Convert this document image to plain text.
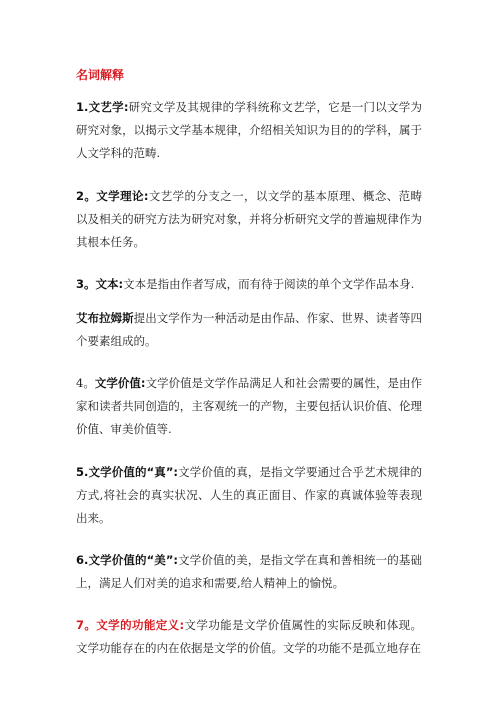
名词解释

1.文艺学:研究文学及其规律的学科统称文艺学，它是一门以文学为研究对象，以揭示文学基本规律，介绍相关知识为目的的学科，属于人文学科的范畴.

2。文学理论:文艺学的分支之一，以文学的基本原理、概念、范畴以及相关的研究方法为研究对象，并将分析研究文学的普遍规律作为其根本任务。

3。文本:文本是指由作者写成，而有待于阅读的单个文学作品本身.

艾布拉姆斯提出文学作为一种活动是由作品、作家、世界、读者等四个要素组成的。

4。文学价值:文学价值是文学作品满足人和社会需要的属性，是由作家和读者共同创造的，主客观统一的产物，主要包括认识价值、伦理价值、审美价值等.

5.文学价值的“真”:文学价值的真，是指文学要通过合乎艺术规律的方式,将社会的真实状况、人生的真正面目、作家的真诚体验等表现出来。

6.文学价值的“美”:文学价值的美，是指文学在真和善相统一的基础上，满足人们对美的追求和需要,给人精神上的愉悦。

7。文学的功能定义:文学功能是文学价值属性的实际反映和体现。文学功能存在的内在依据是文学的价值。文学的功能不是孤立地存在
